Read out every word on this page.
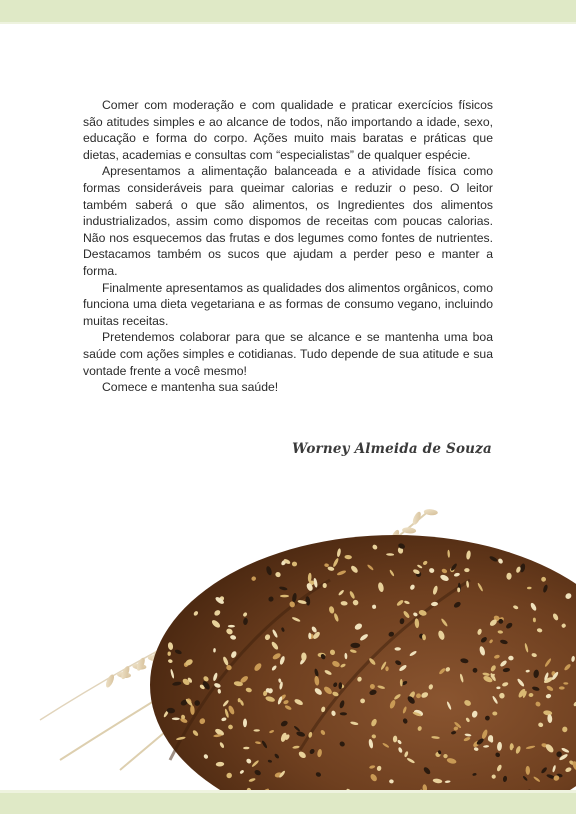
Comer com moderação e com qualidade e praticar exercícios físicos são atitudes simples e ao alcance de todos, não importando a idade, sexo, educação e forma do corpo. Ações muito mais baratas e práticas que dietas, academias e consultas com “especialistas” de qualquer espécie.

Apresentamos a alimentação balanceada e a atividade física como formas consideráveis para queimar calorias e reduzir o peso. O leitor também saberá o que são alimentos, os Ingredientes dos alimentos industrializados, assim como dispomos de receitas com poucas calorias. Não nos esquecemos das frutas e dos legumes como fontes de nutrientes. Destacamos também os sucos que ajudam a perder peso e manter a forma.

Finalmente apresentamos as qualidades dos alimentos orgânicos, como funciona uma dieta vegetariana e as formas de consumo vegano, incluindo muitas receitas.

Pretendemos colaborar para que se alcance e se mantenha uma boa saúde com ações simples e cotidianas. Tudo depende de sua atitude e sua vontade frente a você mesmo!

Comece e mantenha sua saúde!

Worney Almeida de Souza
